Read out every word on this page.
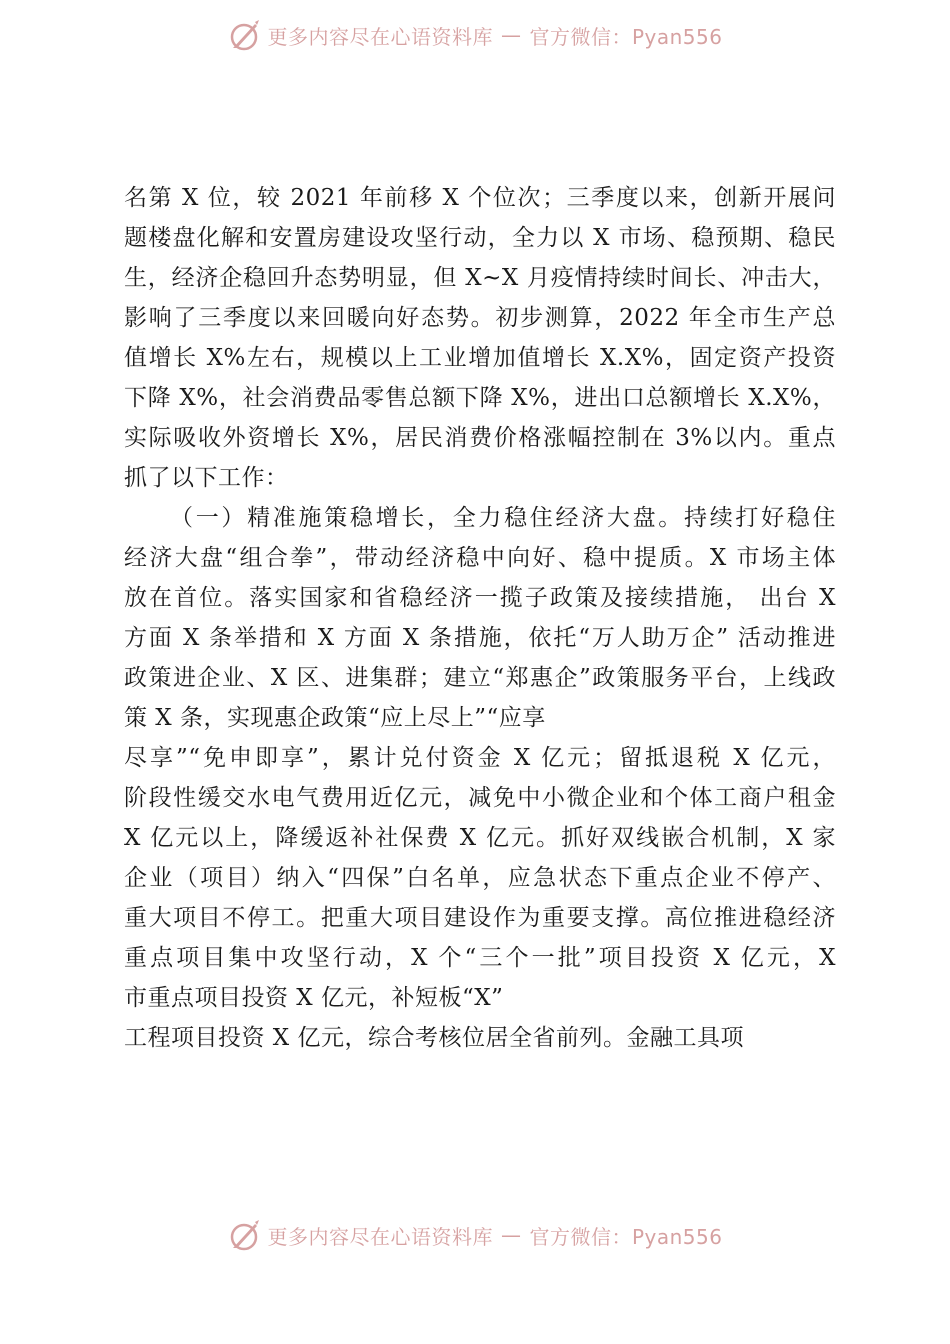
更多内容尽在心语资料库 — 官方微信：Pyan556
名第 X 位，较 2021 年前移 X 个位次；三季度以来，创新开展问
题楼盘化解和安置房建设攻坚行动，全力以 X 市场、稳预期、稳民
生，经济企稳回升态势明显，但 X~X 月疫情持续时间长、冲击大，
影响了三季度以来回暖向好态势。初步测算，2022 年全市生产总
值增长 X%左右，规模以上工业增加值增长 X.X%，固定资产投资
下降 X%，社会消费品零售总额下降 X%，进出口总额增长 X.X%，
实际吸收外资增长 X%，居民消费价格涨幅控制在 3%以内。重点
抓了以下工作：
（一）精准施策稳增长，全力稳住经济大盘。持续打好稳住
经济大盘“组合拳”，带动经济稳中向好、稳中提质。X 市场主体
放在首位。落实国家和省稳经济一揽子政策及接续措施， 出台 X
方面 X 条举措和 X 方面 X 条措施，依托“万人助万企” 活动推进
政策进企业、X 区、进集群；建立“郑惠企”政策服务平台，上线政
策 X 条，实现惠企政策“应上尽上”“应享
尽享”“免申即享”，累计兑付资金 X 亿元；留抵退税 X 亿元，
阶段性缓交水电气费用近亿元，减免中小微企业和个体工商户租金
X 亿元以上，降缓返补社保费 X 亿元。抓好双线嵌合机制，X 家
企业（项目）纳入“四保”白名单，应急状态下重点企业不停产、
重大项目不停工。把重大项目建设作为重要支撑。高位推进稳经济
重点项目集中攻坚行动，X 个“三个一批”项目投资 X 亿元，X
市重点项目投资 X 亿元，补短板“X”
工程项目投资 X 亿元，综合考核位居全省前列。金融工具项
更多内容尽在心语资料库 — 官方微信：Pyan556
